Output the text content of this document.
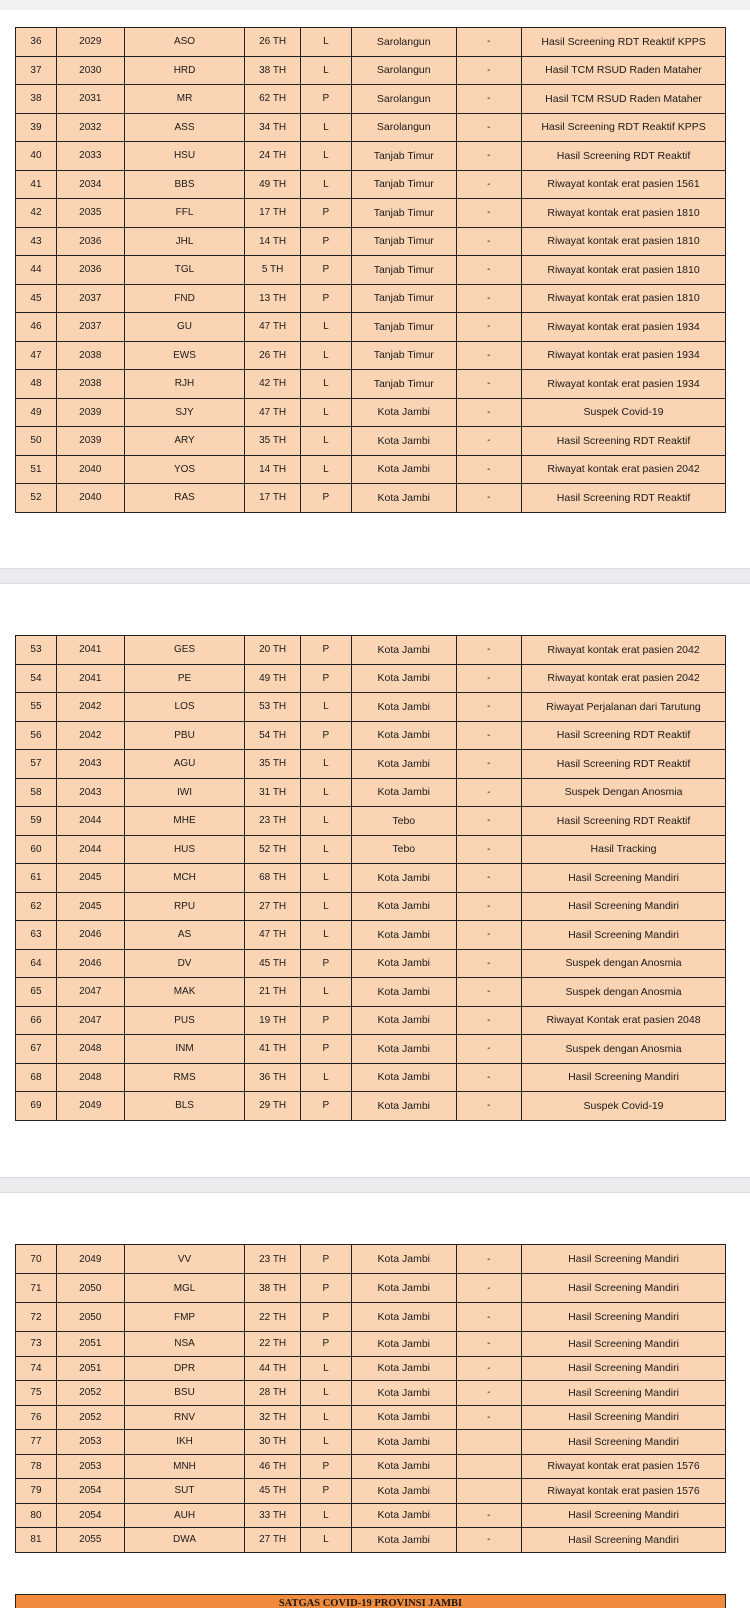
36	2029	ASO	26 TH	L	Sarolangun	-	Hasil Screening RDT Reaktif KPPS
37	2030	HRD	38 TH	L	Sarolangun	-	Hasil TCM RSUD Raden Mataher
38	2031	MR	62 TH	P	Sarolangun	-	Hasil TCM RSUD Raden Mataher
39	2032	ASS	34 TH	L	Sarolangun	-	Hasil Screening RDT Reaktif KPPS
40	2033	HSU	24 TH	L	Tanjab Timur	-	Hasil Screening RDT Reaktif
41	2034	BBS	49 TH	L	Tanjab Timur	-	Riwayat kontak erat pasien 1561
42	2035	FFL	17 TH	P	Tanjab Timur	-	Riwayat kontak erat pasien 1810
43	2036	JHL	14 TH	P	Tanjab Timur	-	Riwayat kontak erat pasien 1810
44	2036	TGL	5 TH	P	Tanjab Timur	-	Riwayat kontak erat pasien 1810
45	2037	FND	13 TH	P	Tanjab Timur	-	Riwayat kontak erat pasien 1810
46	2037	GU	47 TH	L	Tanjab Timur	-	Riwayat kontak erat pasien 1934
47	2038	EWS	26 TH	L	Tanjab Timur	-	Riwayat kontak erat pasien 1934
48	2038	RJH	42 TH	L	Tanjab Timur	-	Riwayat kontak erat pasien 1934
49	2039	SJY	47 TH	L	Kota Jambi	-	Suspek Covid-19
50	2039	ARY	35 TH	L	Kota Jambi	-	Hasil Screening RDT Reaktif
51	2040	YOS	14 TH	L	Kota Jambi	-	Riwayat kontak erat pasien 2042
52	2040	RAS	17 TH	P	Kota Jambi	-	Hasil Screening RDT Reaktif
53	2041	GES	20 TH	P	Kota Jambi	-	Riwayat kontak erat pasien 2042
54	2041	PE	49 TH	P	Kota Jambi	-	Riwayat kontak erat pasien 2042
55	2042	LOS	53 TH	L	Kota Jambi	-	Riwayat Perjalanan dari Tarutung
56	2042	PBU	54 TH	P	Kota Jambi	-	Hasil Screening RDT Reaktif
57	2043	AGU	35 TH	L	Kota Jambi	-	Hasil Screening RDT Reaktif
58	2043	IWI	31 TH	L	Kota Jambi	-	Suspek Dengan Anosmia
59	2044	MHE	23 TH	L	Tebo	-	Hasil Screening RDT Reaktif
60	2044	HUS	52 TH	L	Tebo	-	Hasil Tracking
61	2045	MCH	68 TH	L	Kota Jambi	-	Hasil Screening Mandiri
62	2045	RPU	27 TH	L	Kota Jambi	-	Hasil Screening Mandiri
63	2046	AS	47 TH	L	Kota Jambi	-	Hasil Screening Mandiri
64	2046	DV	45 TH	P	Kota Jambi	-	Suspek dengan Anosmia
65	2047	MAK	21 TH	L	Kota Jambi	-	Suspek dengan Anosmia
66	2047	PUS	19 TH	P	Kota Jambi	-	Riwayat Kontak erat pasien 2048
67	2048	INM	41 TH	P	Kota Jambi	-	Suspek dengan Anosmia
68	2048	RMS	36 TH	L	Kota Jambi	-	Hasil Screening Mandiri
69	2049	BLS	29 TH	P	Kota Jambi	-	Suspek Covid-19
70	2049	VV	23 TH	P	Kota Jambi	-	Hasil Screening Mandiri
71	2050	MGL	38 TH	P	Kota Jambi	-	Hasil Screening Mandiri
72	2050	FMP	22 TH	P	Kota Jambi	-	Hasil Screening Mandiri
73	2051	NSA	22 TH	P	Kota Jambi	-	Hasil Screening Mandiri
74	2051	DPR	44 TH	L	Kota Jambi	-	Hasil Screening Mandiri
75	2052	BSU	28 TH	L	Kota Jambi	-	Hasil Screening Mandiri
76	2052	RNV	32 TH	L	Kota Jambi	-	Hasil Screening Mandiri
77	2053	IKH	30 TH	L	Kota Jambi		Hasil Screening Mandiri
78	2053	MNH	46 TH	P	Kota Jambi		Riwayat kontak erat pasien 1576
79	2054	SUT	45 TH	P	Kota Jambi		Riwayat kontak erat pasien 1576
80	2054	AUH	33 TH	L	Kota Jambi	-	Hasil Screening Mandiri
81	2055	DWA	27 TH	L	Kota Jambi	-	Hasil Screening Mandiri
SATGAS COVID-19 PROVINSI JAMBI
